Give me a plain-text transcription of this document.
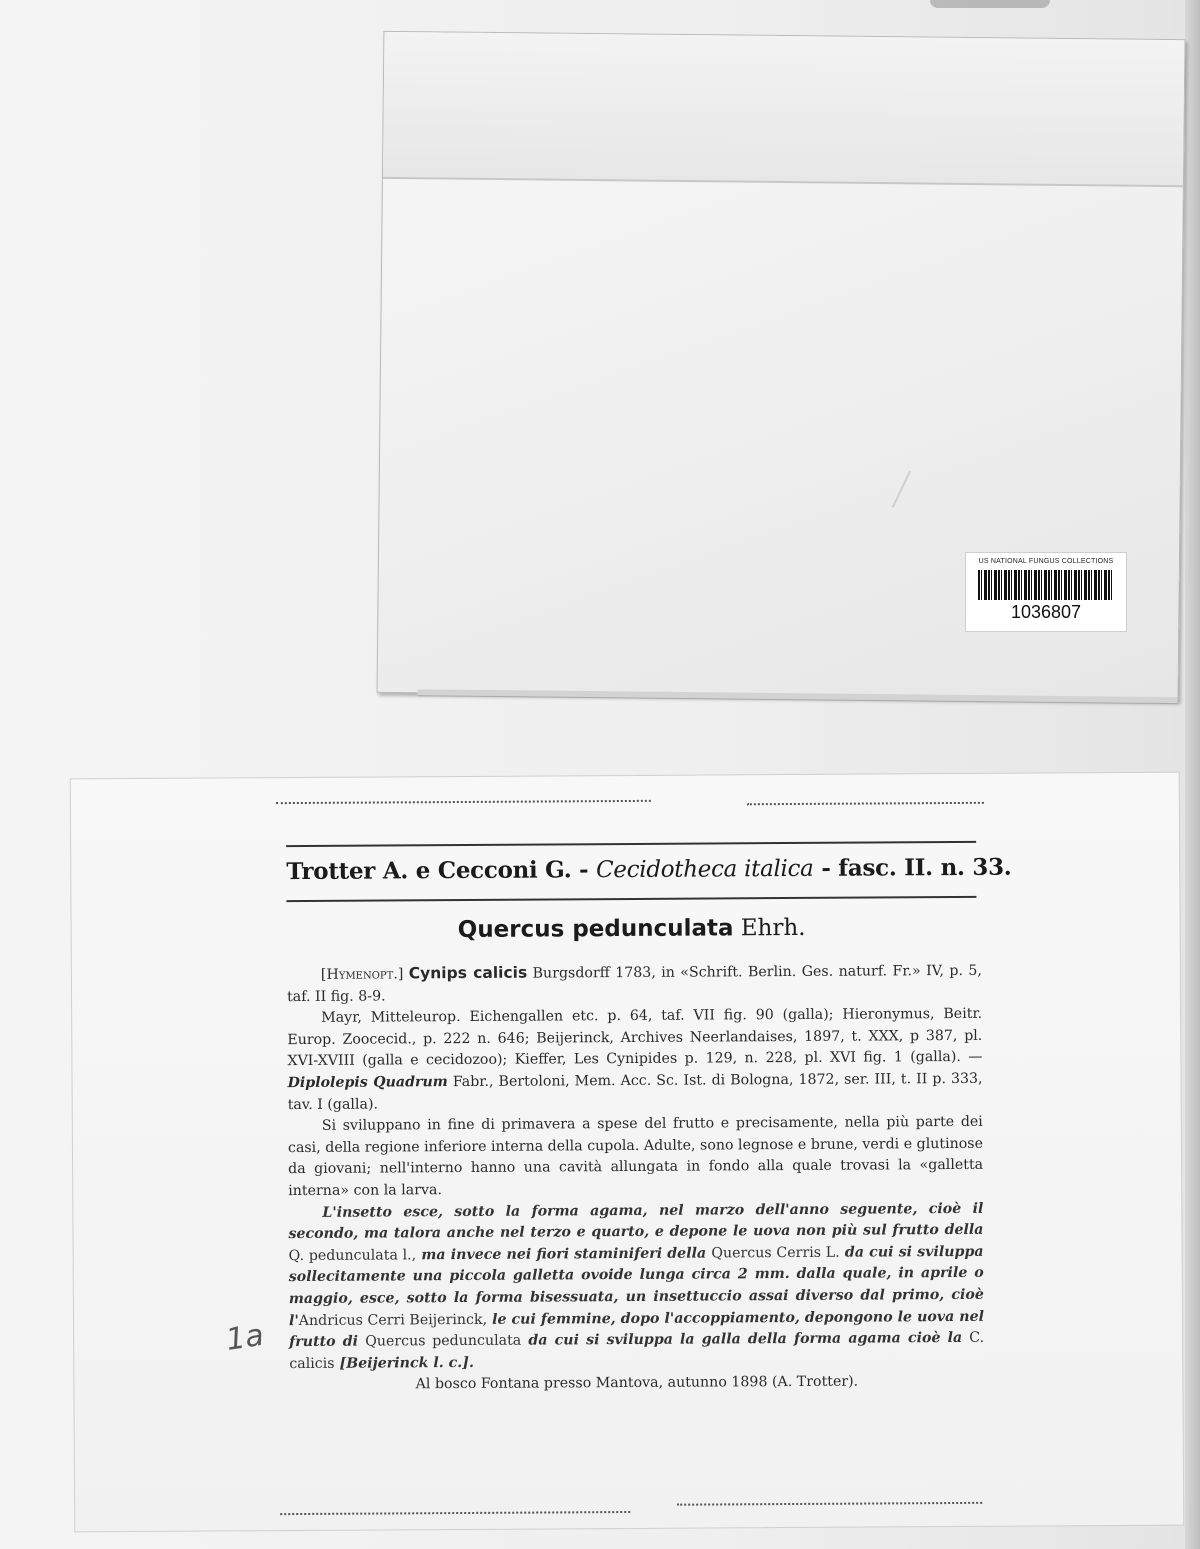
US NATIONAL FUNGUS COLLECTIONS
1036807
Trotter A. e Cecconi G. - Cecidotheca italica - fasc. II. n. 33.
Quercus pedunculata Ehrh.

[Hymenopt.] Cynips calicis Burgsdorff 1783, in «Schrift. Berlin. Ges. naturf. Fr.» IV, p. 5, taf. II fig. 8-9.

Mayr, Mitteleurop. Eichengallen etc. p. 64, taf. VII fig. 90 (galla); Hieronymus, Beitr. Europ. Zoocecid., p. 222 n. 646; Beijerinck, Archives Neerlandaises, 1897, t. XXX, p 387, pl. XVI-XVIII (galla e cecidozoo); Kieffer, Les Cynipides p. 129, n. 228, pl. XVI fig. 1 (galla). — Diplolepis Quadrum Fabr., Bertoloni, Mem. Acc. Sc. Ist. di Bologna, 1872, ser. III, t. II p. 333, tav. I (galla).

Si sviluppano in fine di primavera a spese del frutto e precisamente, nella più parte dei casi, della regione inferiore interna della cupola. Adulte, sono legnose e brune, verdi e glutinose da giovani; nell'interno hanno una cavità allungata in fondo alla quale trovasi la «galletta interna» con la larva.

L'insetto esce, sotto la forma agama, nel marzo dell'anno seguente, cioè il secondo, ma talora anche nel terzo e quarto, e depone le uova non più sul frutto della Q. pedunculata l., ma invece nei fiori staminiferi della Quercus Cerris L. da cui si sviluppa sollecitamente una piccola galletta ovoide lunga circa 2 mm. dalla quale, in aprile o maggio, esce, sotto la forma bisessuata, un insettuccio assai diverso dal primo, cioè l'Andricus Cerri Beijerinck, le cui femmine, dopo l'accoppiamento, depongono le uova nel frutto di Quercus pedunculata da cui si sviluppa la galla della forma agama cioè la C. calicis [Beijerinck l. c.].

Al bosco Fontana presso Mantova, autunno 1898 (A. Trotter).

1a
